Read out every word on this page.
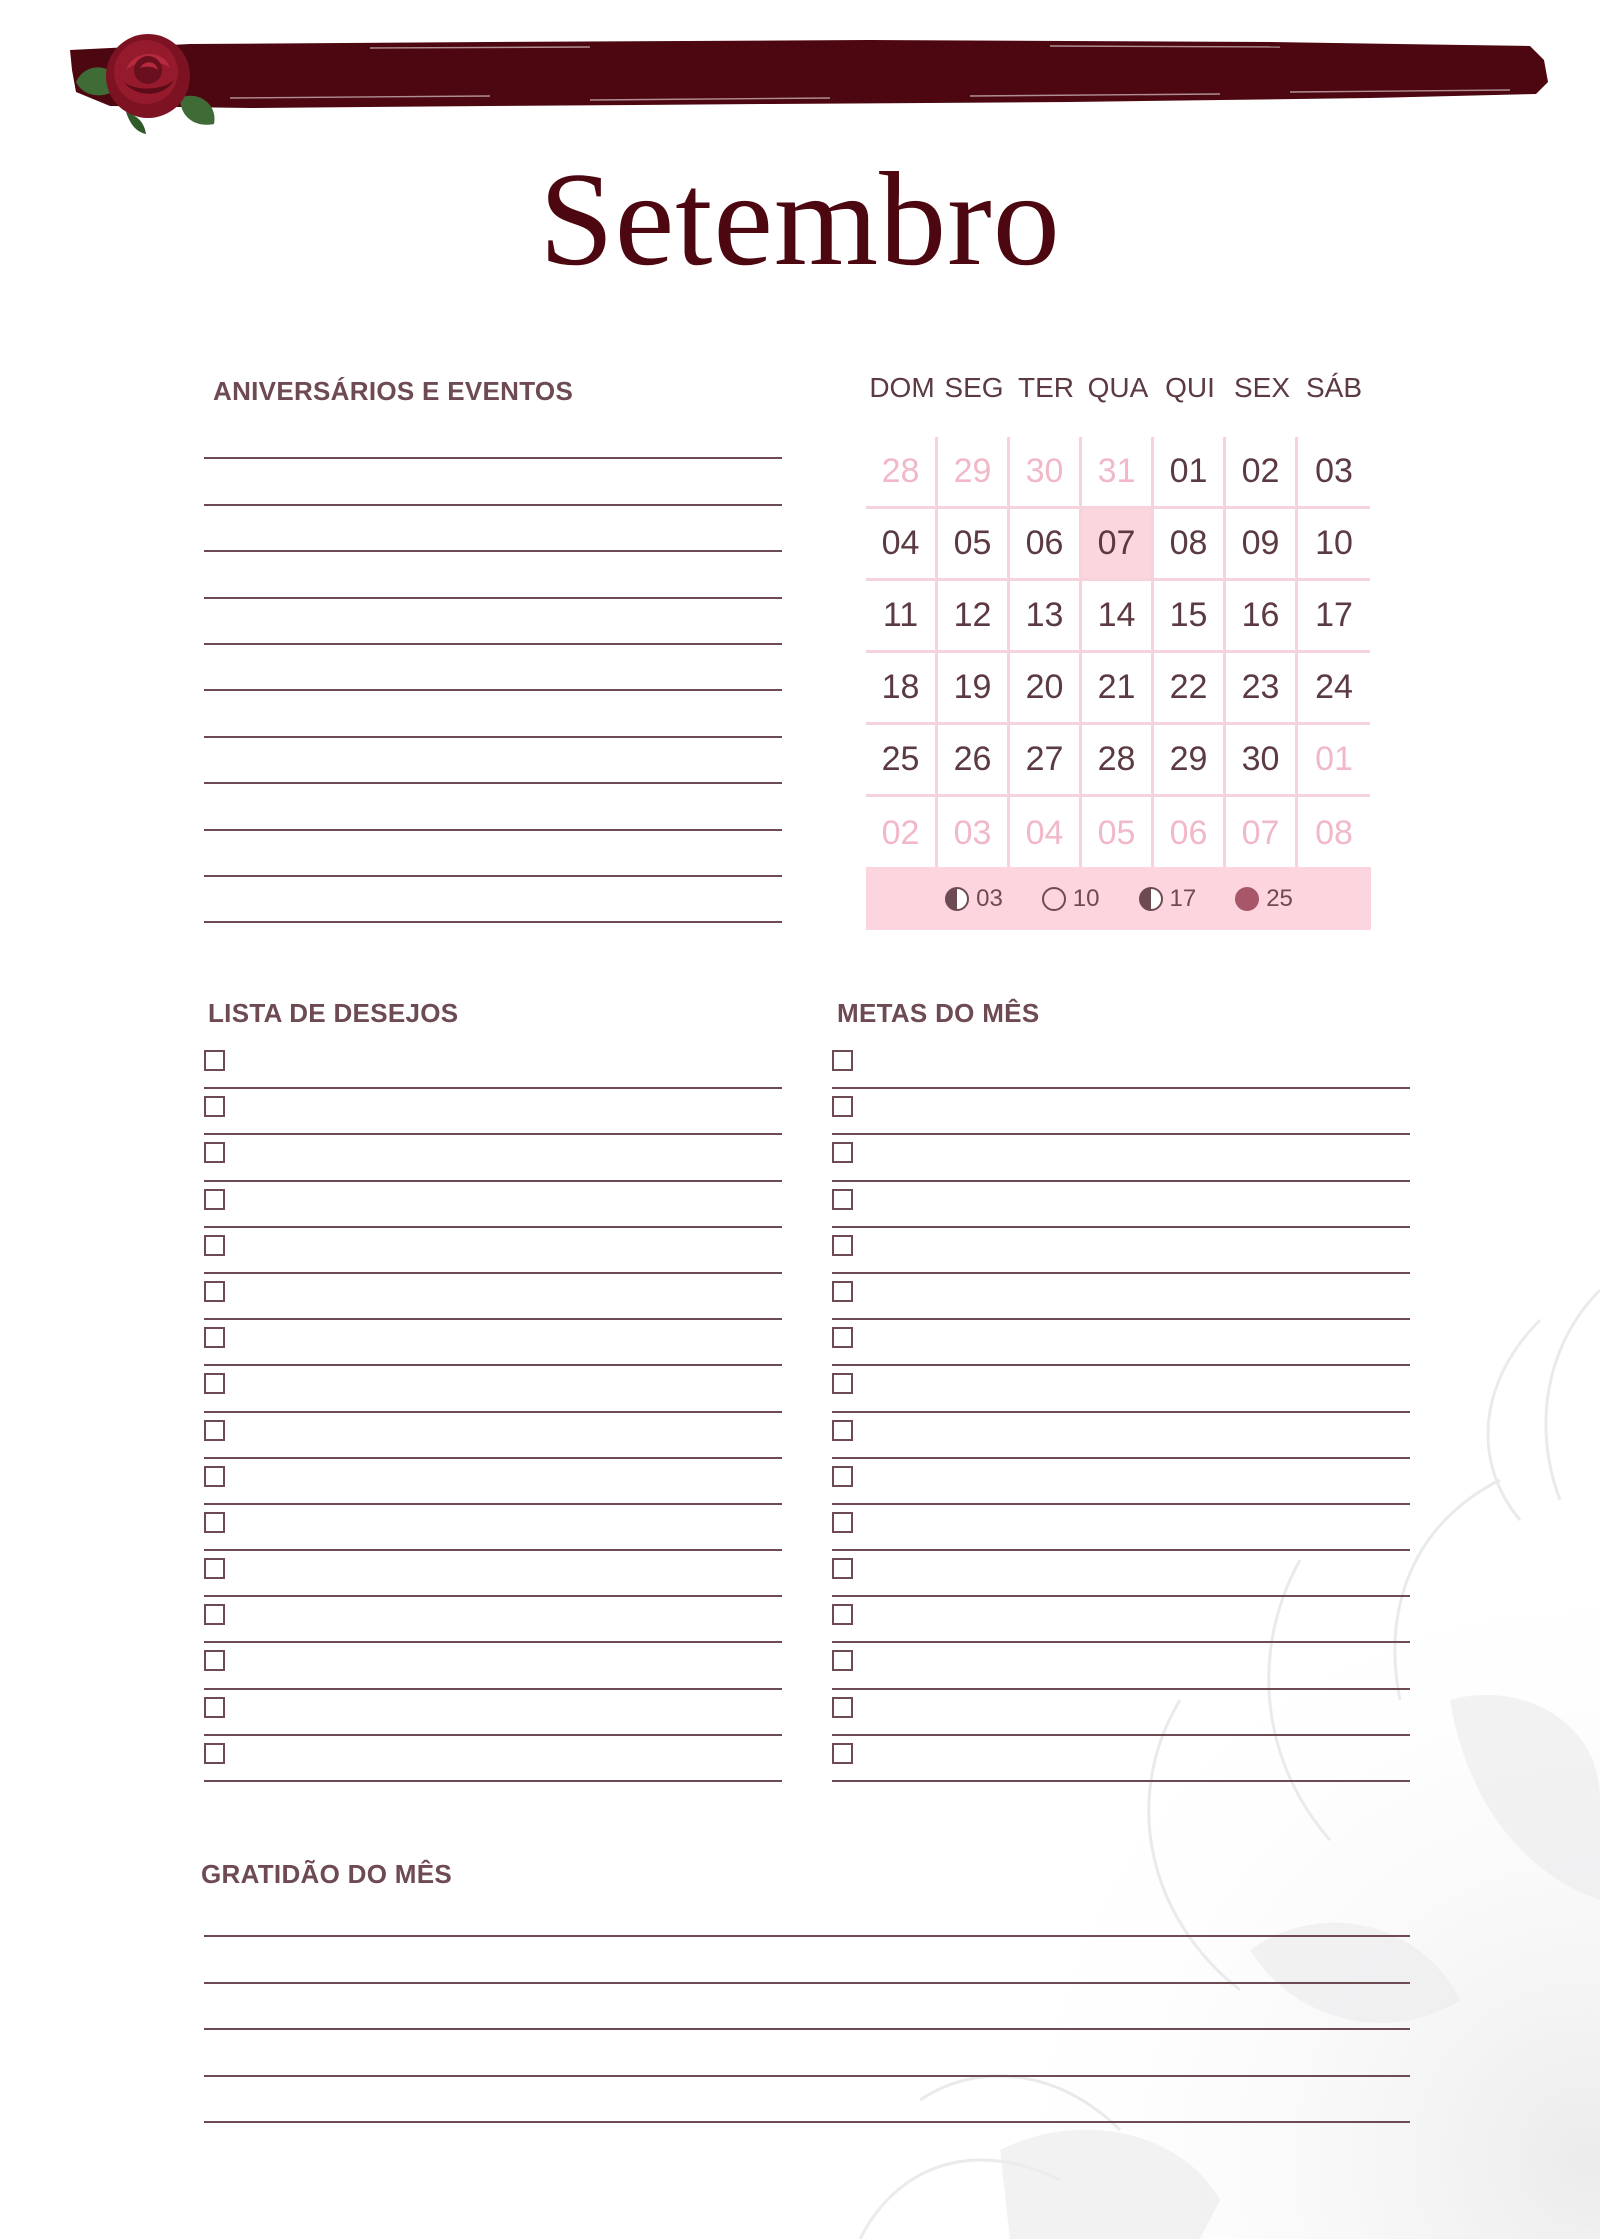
Setembro
ANIVERSÁRIOS E EVENTOS	DOM SEG TER QUA QUI SEX SÁB
28	29	30	31	01	02	03
04	05	06	07	08	09	10
11	12	13	14	15	16	17
18	19	20	21	22	23	24
25	26	27	28	29	30	01
02	03	04	05	06	07	08
03	10	17	25
LISTA DE DESEJOS	METAS DO MÊS
GRATIDÃO DO MÊS
